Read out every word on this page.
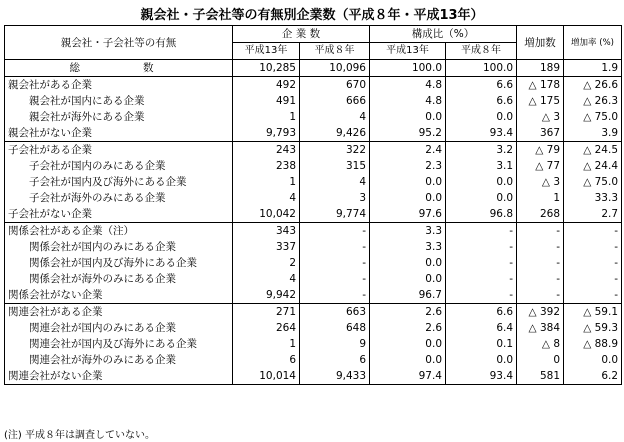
親会社・子会社等の有無別企業数（平成８年・平成13年）
親会社・子会社等の有無	企 業 数		構成比（%）		増加数	増加率 (%)
	平成13年	平成８年	平成13年	平成８年		
総　　数	10,285	10,096	100.0	100.0	189	1.9
親会社がある企業	492	670	4.8	6.6	△ 178	△ 26.6
親会社が国内にある企業	491	666	4.8	6.6	△ 175	△ 26.3
親会社が海外にある企業	1	4	0.0	0.0	△ 3	△ 75.0
親会社がない企業	9,793	9,426	95.2	93.4	367	3.9
子会社がある企業	243	322	2.4	3.2	△ 79	△ 24.5
子会社が国内のみにある企業	238	315	2.3	3.1	△ 77	△ 24.4
子会社が国内及び海外にある企業	1	4	0.0	0.0	△ 3	△ 75.0
子会社が海外のみにある企業	4	3	0.0	0.0	1	33.3
子会社がない企業	10,042	9,774	97.6	96.8	268	2.7
関係会社がある企業（注）	343	-	3.3	-	-	-
関係会社が国内のみにある企業	337	-	3.3	-	-	-
関係会社が国内及び海外にある企業	2	-	0.0	-	-	-
関係会社が海外のみにある企業	4	-	0.0	-	-	-
関係会社がない企業	9,942	-	96.7	-	-	-
関連会社がある企業	271	663	2.6	6.6	△ 392	△ 59.1
関連会社が国内のみにある企業	264	648	2.6	6.4	△ 384	△ 59.3
関連会社が国内及び海外にある企業	1	9	0.0	0.1	△ 8	△ 88.9
関連会社が海外のみにある企業	6	6	0.0	0.0	0	0.0
関連会社がない企業	10,014	9,433	97.4	93.4	581	6.2
(注) 平成８年は調査していない。
